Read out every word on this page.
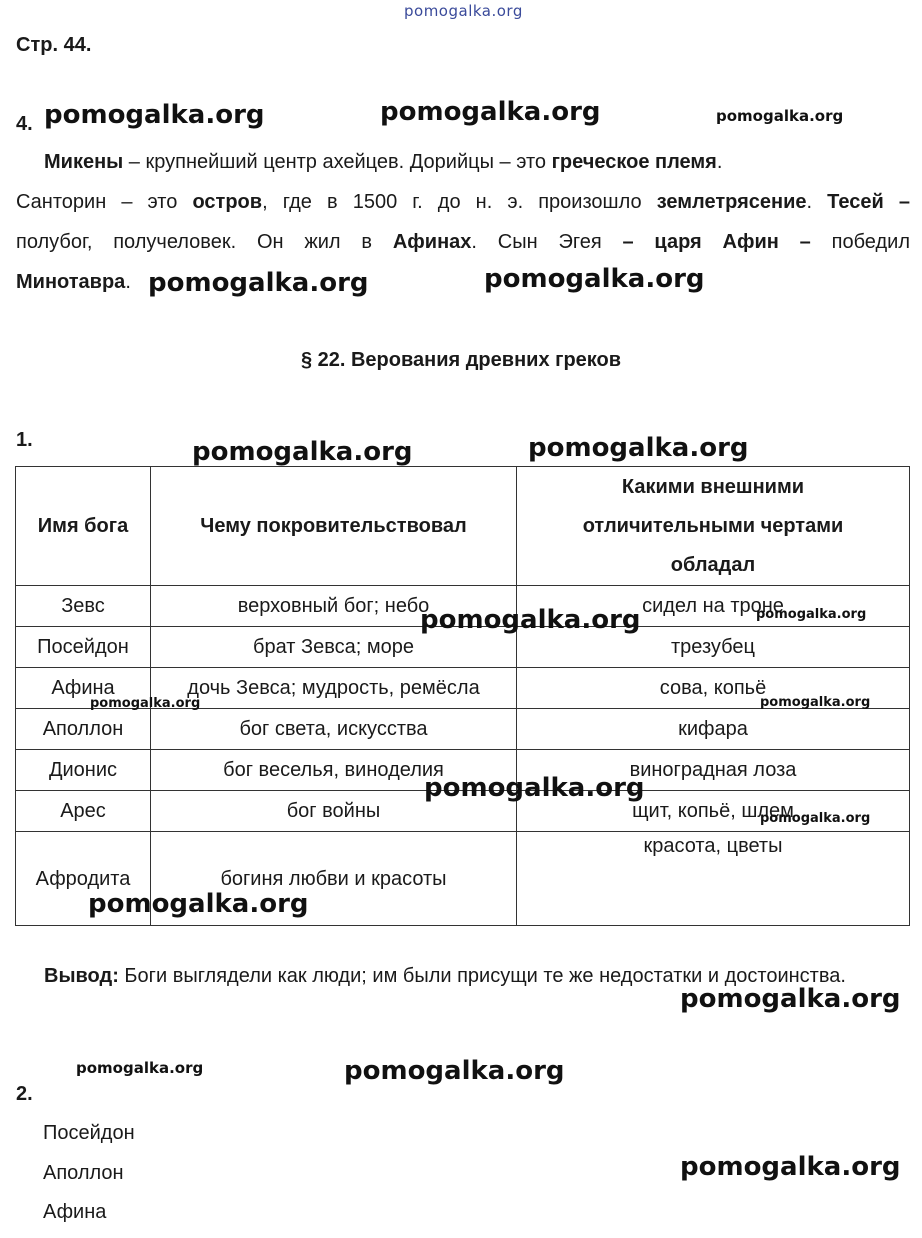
pomogalka.org
Стр. 44.
4.

Микены – крупнейший центр ахейцев. Дорийцы – это греческое племя.

Санторин – это остров, где в 1500 г. до н. э. произошло землетрясение. Тесей –

полубог, получеловек. Он жил в Афинах. Сын Эгея – царя Афин – победил

Минотавра.

§ 22. Верования древних греков
1.
Имя бога	Чему покровительствовал	Какими внешними отличительными чертами обладал
Зевс	верховный бог; небо	сидел на троне
Посейдон	брат Зевса; море	трезубец
Афина	дочь Зевса; мудрость, ремёсла	сова, копьё
Аполлон	бог света, искусства	кифара
Дионис	бог веселья, виноделия	виноградная лоза
Арес	бог войны	щит, копьё, шлем
Афродита	богиня любви и красоты	красота, цветы

Вывод: Боги выглядели как люди; им были присущи те же недостатки и достоинства.

2.
Посейдон
Аполлон
Афина
pomogalka.org	pomogalka.org	pomogalka.org
pomogalka.org	pomogalka.org
pomogalka.org	pomogalka.org
pomogalka.org
pomogalka.org
pomogalka.org	pomogalka.org
pomogalka.org
pomogalka.org
pomogalka.org
pomogalka.org
pomogalka.org	pomogalka.org
pomogalka.org
